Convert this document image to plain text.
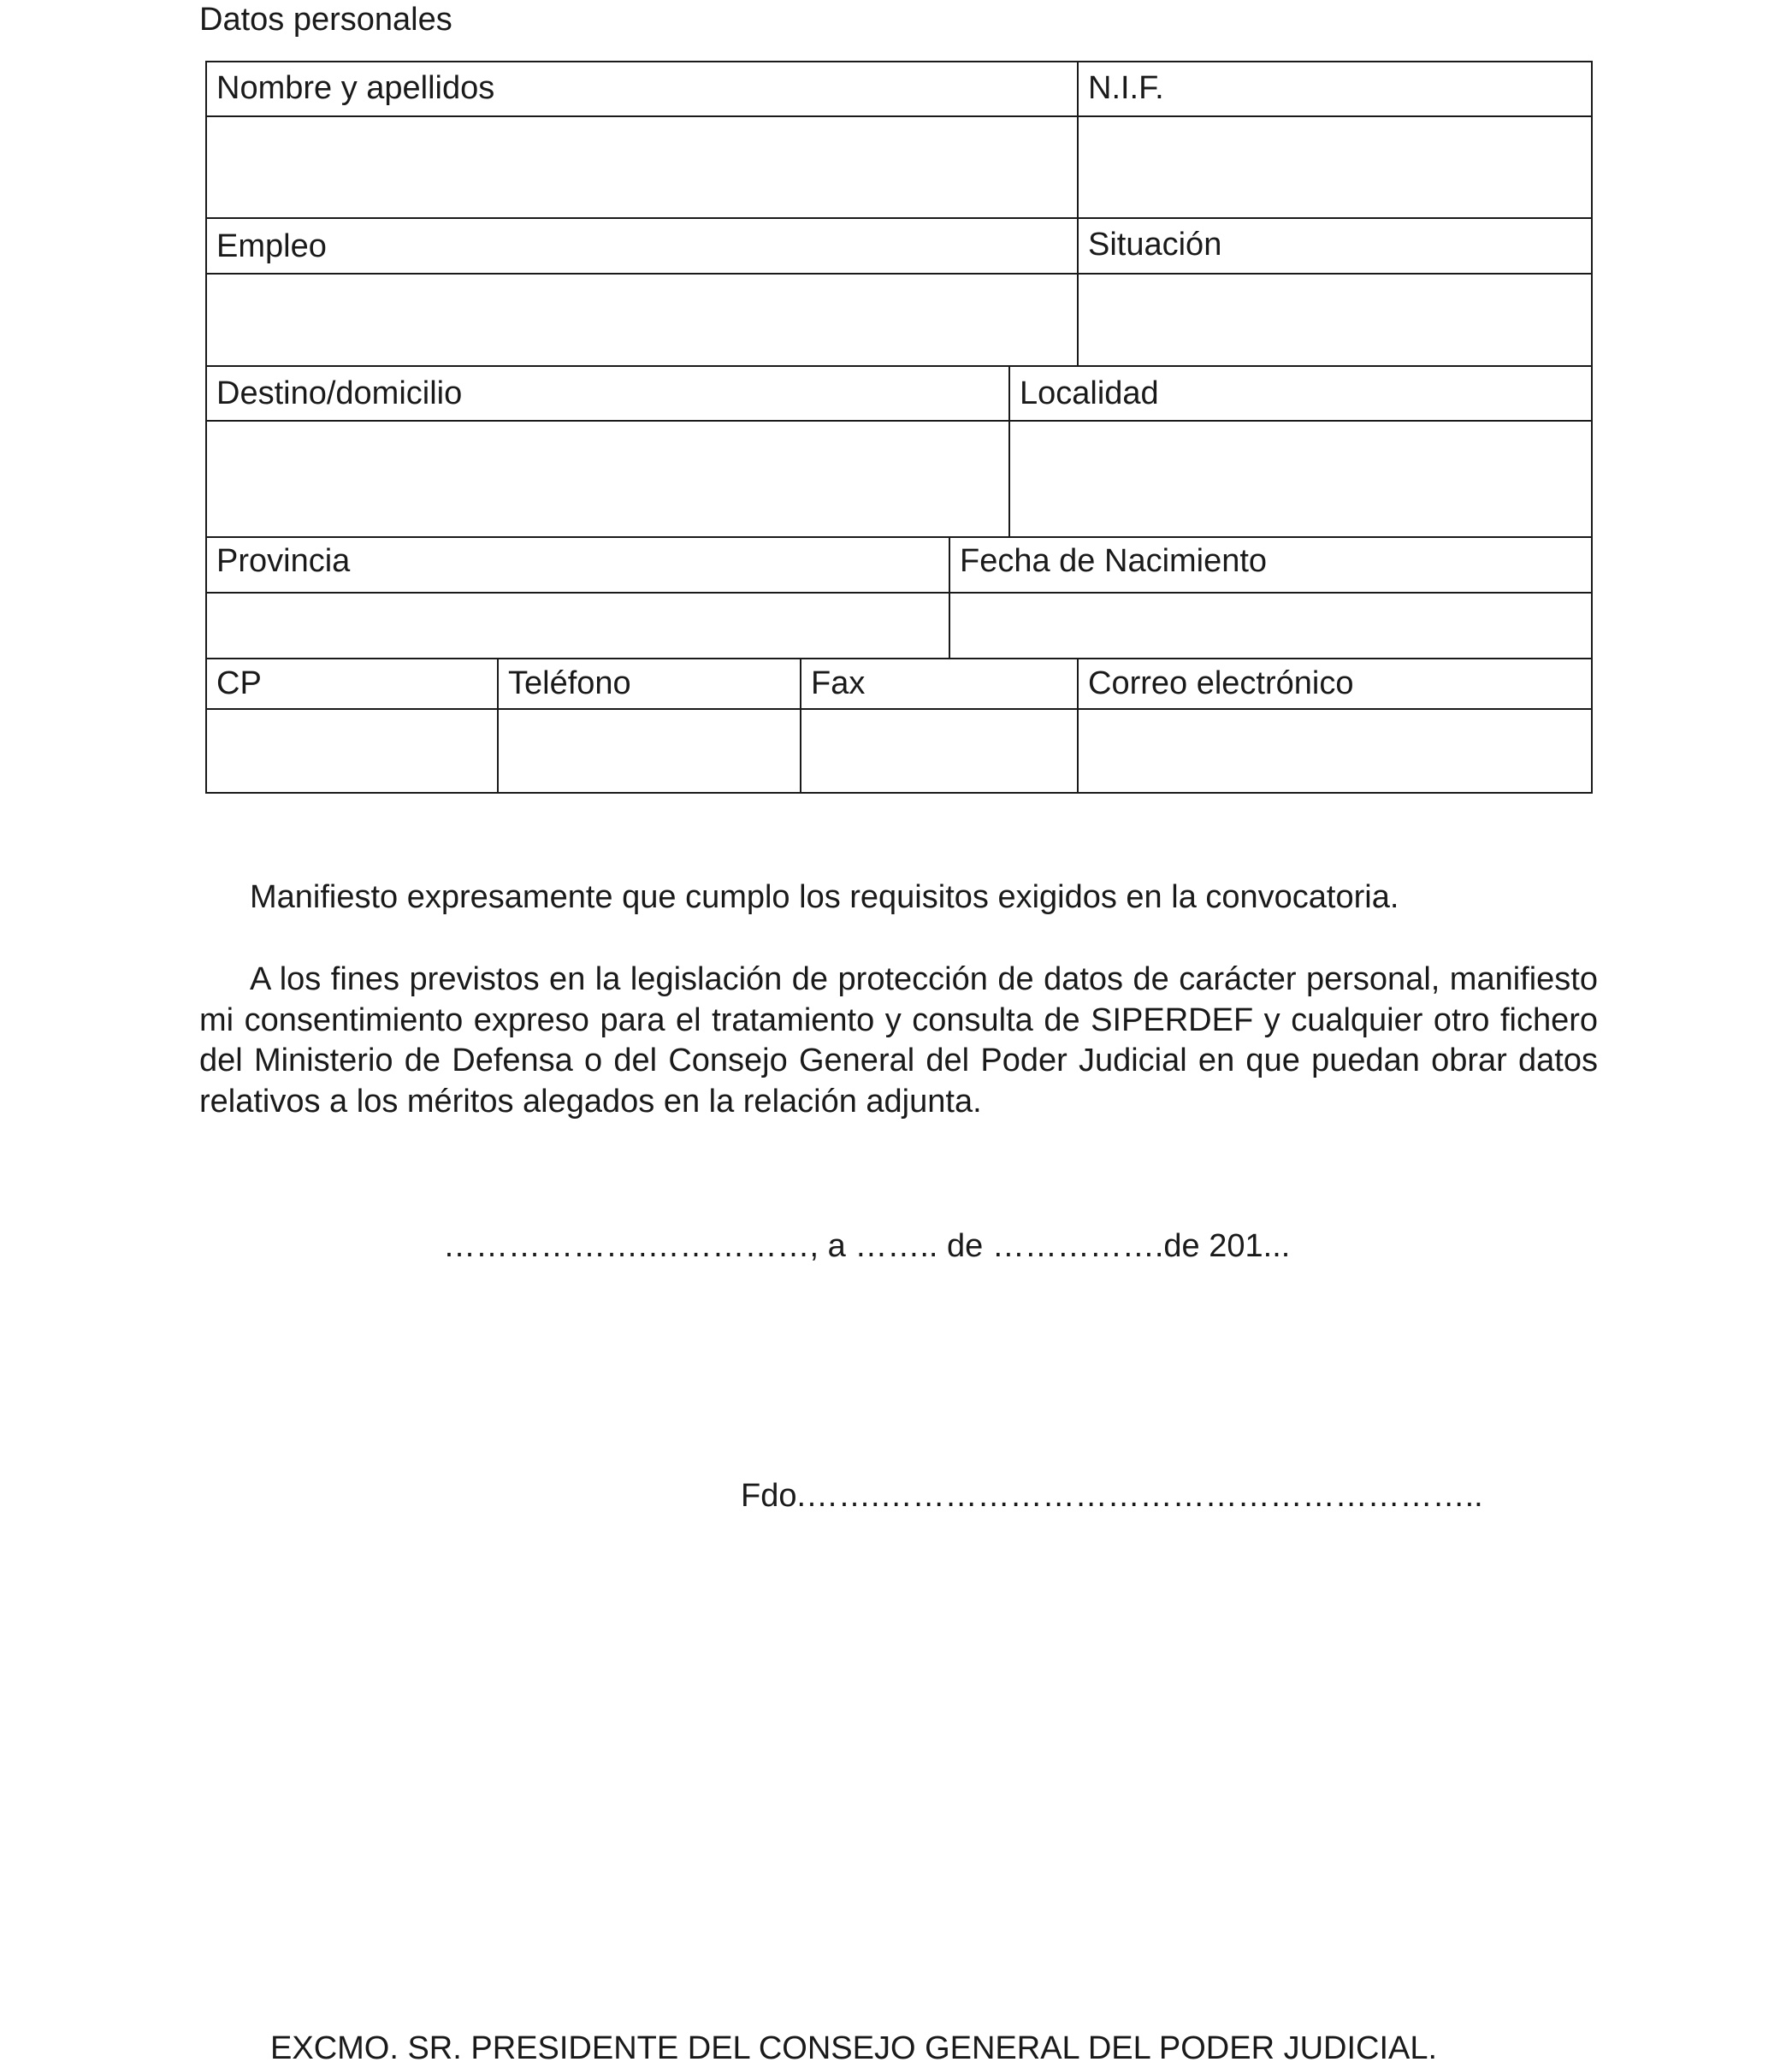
Datos personales
Nombre y apellidos	N.I.F.
Empleo	Situación
Destino/domicilio	Localidad
Provincia	Fecha de Nacimiento
CP	Teléfono	Fax	Correo electrónico
Manifiesto expresamente que cumplo los requisitos exigidos en la convocatoria.
A los fines previstos en la legislación de protección de datos de carácter personal, manifiesto mi consentimiento expreso para el tratamiento y consulta de SIPERDEF y cualquier otro fichero del Ministerio de Defensa o del Consejo General del Poder Judicial en que puedan obrar datos relativos a los méritos alegados en la relación adjunta.
……………….……………, a …….. de …………….de 201...
Fdo.…….………………………………………………..
EXCMO. SR. PRESIDENTE DEL CONSEJO GENERAL DEL PODER JUDICIAL.
